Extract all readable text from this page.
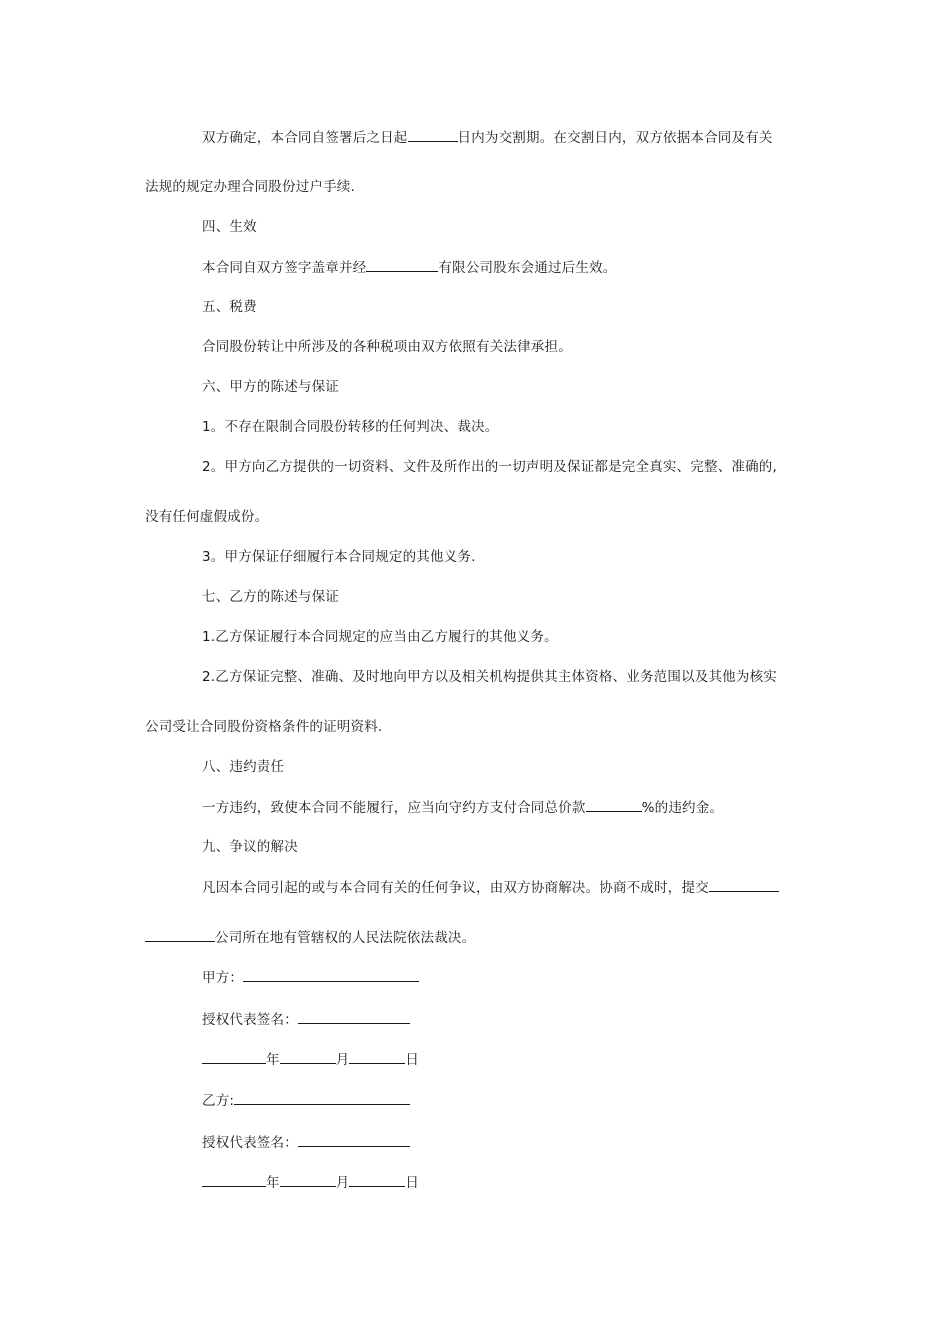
双方确定，本合同自签署后之日起	日内为交割期。在交割日内，双方依据本合同及有关
法规的规定办理合同股份过户手续.
四、生效
本合同自双方签字盖章并经	有限公司股东会通过后生效。
五、税费
合同股份转让中所涉及的各种税项由双方依照有关法律承担。
六、甲方的陈述与保证
1。不存在限制合同股份转移的任何判决、裁决。
2。甲方向乙方提供的一切资料、文件及所作出的一切声明及保证都是完全真实、完整、准确的,
没有任何虚假成份。
3。甲方保证仔细履行本合同规定的其他义务.
七、乙方的陈述与保证
1.乙方保证履行本合同规定的应当由乙方履行的其他义务。
2.乙方保证完整、准确、及时地向甲方以及相关机构提供其主体资格、业务范围以及其他为核实
公司受让合同股份资格条件的证明资料.
八、违约责任
一方违约，致使本合同不能履行，应当向守约方支付合同总价款	%的违约金。
九、争议的解决
凡因本合同引起的或与本合同有关的任何争议，由双方协商解决。协商不成时，提交
公司所在地有管辖权的人民法院依法裁决。
甲方：
授权代表签名：
年	月	日
乙方:
授权代表签名：
年	月	日
